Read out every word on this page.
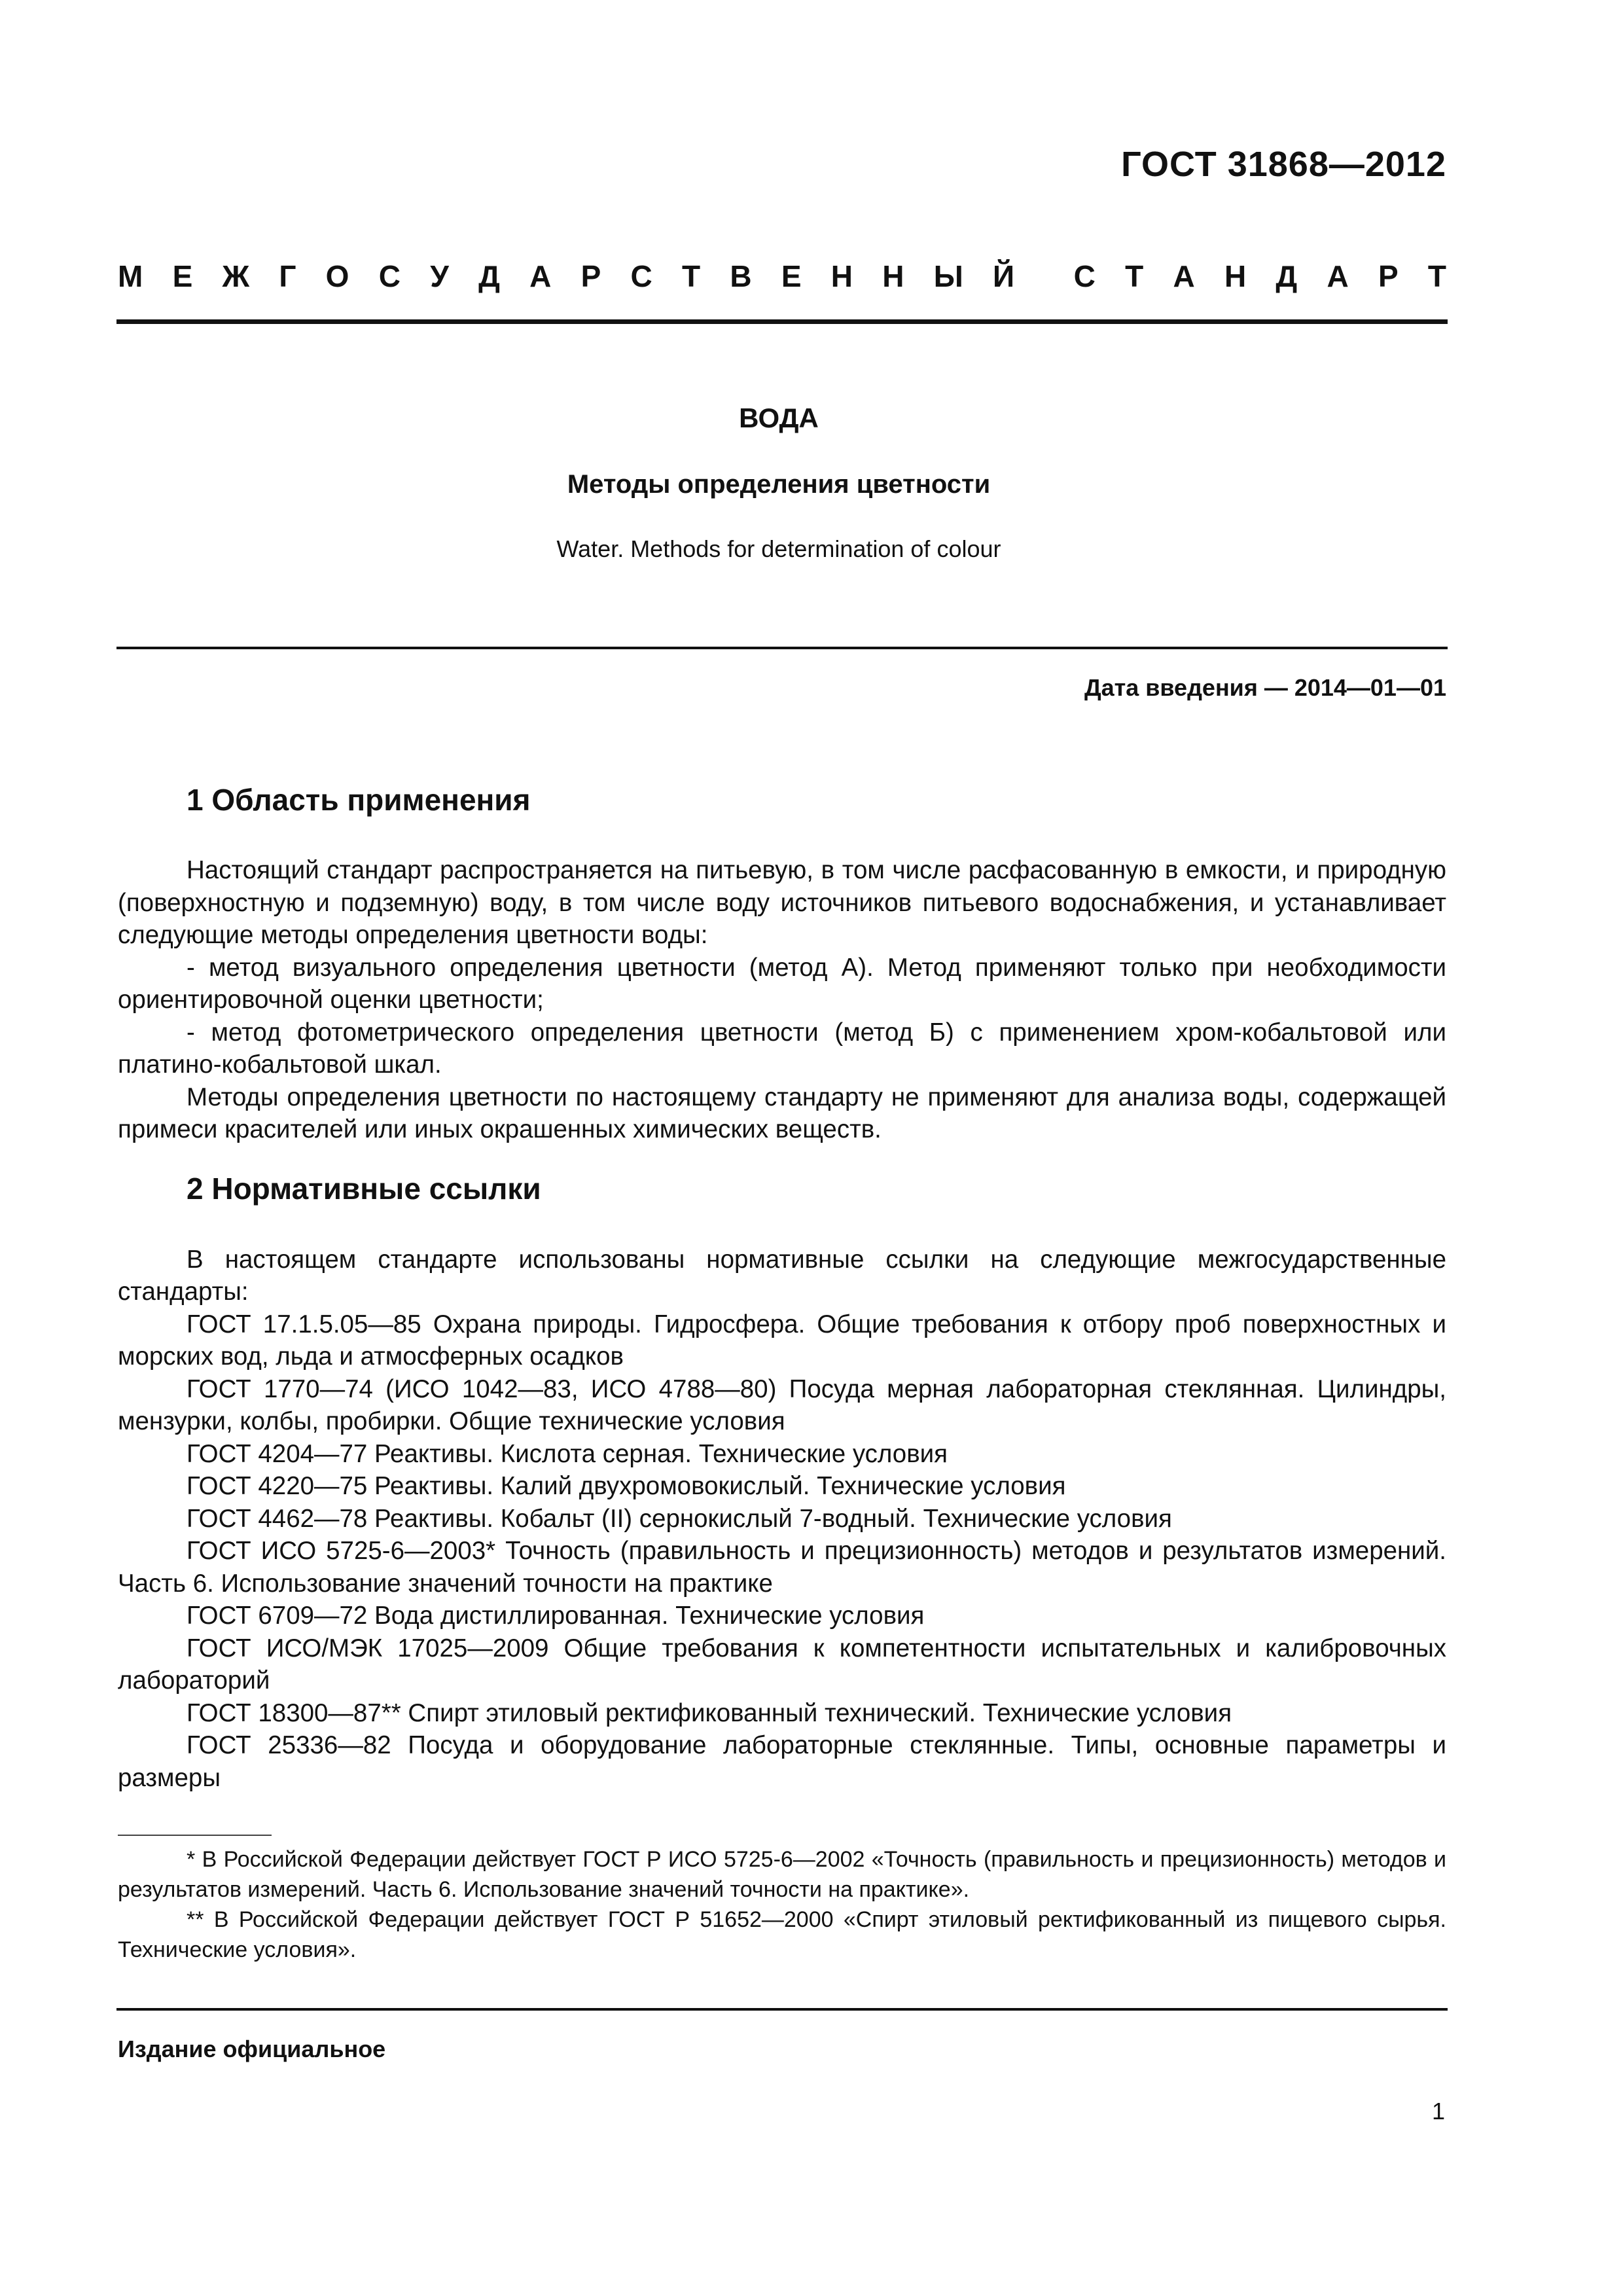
ГОСТ 31868—2012
М Е Ж Г О С У Д А Р С Т В Е Н Н Ы Й С Т А Н Д А Р Т
ВОДА
Методы определения цветности
Water. Methods for determination of colour
Дата введения — 2014—01—01
1 Область применения

Настоящий стандарт распространяется на питьевую, в том числе расфасованную в емкости, и природную (поверхностную и подземную) воду, в том числе воду источников питьевого водоснабжения, и устанавливает следующие методы определения цветности воды:

- метод визуального определения цветности (метод А). Метод применяют только при необходимости ориентировочной оценки цветности;

- метод фотометрического определения цветности (метод Б) с применением хром-кобальтовой или платино-кобальтовой шкал.

Методы определения цветности по настоящему стандарту не применяют для анализа воды, содержащей примеси красителей или иных окрашенных химических веществ.

2 Нормативные ссылки

В настоящем стандарте использованы нормативные ссылки на следующие межгосударственные стандарты:

ГОСТ 17.1.5.05—85 Охрана природы. Гидросфера. Общие требования к отбору проб поверхностных и морских вод, льда и атмосферных осадков

ГОСТ 1770—74 (ИСО 1042—83, ИСО 4788—80) Посуда мерная лабораторная стеклянная. Цилиндры, мензурки, колбы, пробирки. Общие технические условия

ГОСТ 4204—77 Реактивы. Кислота серная. Технические условия

ГОСТ 4220—75 Реактивы. Калий двухромовокислый. Технические условия

ГОСТ 4462—78 Реактивы. Кобальт (II) сернокислый 7-водный. Технические условия

ГОСТ ИСО 5725-6—2003* Точность (правильность и прецизионность) методов и результатов измерений. Часть 6. Использование значений точности на практике

ГОСТ 6709—72 Вода дистиллированная. Технические условия

ГОСТ ИСО/МЭК 17025—2009 Общие требования к компетентности испытательных и калибровочных лабораторий

ГОСТ 18300—87** Спирт этиловый ректификованный технический. Технические условия

ГОСТ 25336—82 Посуда и оборудование лабораторные стеклянные. Типы, основные параметры и размеры

* В Российской Федерации действует ГОСТ Р ИСО 5725-6—2002 «Точность (правильность и прецизионность) методов и результатов измерений. Часть 6. Использование значений точности на практике».

** В Российской Федерации действует ГОСТ Р 51652—2000 «Спирт этиловый ректификованный из пищевого сырья. Технические условия».

Издание официальное
1
